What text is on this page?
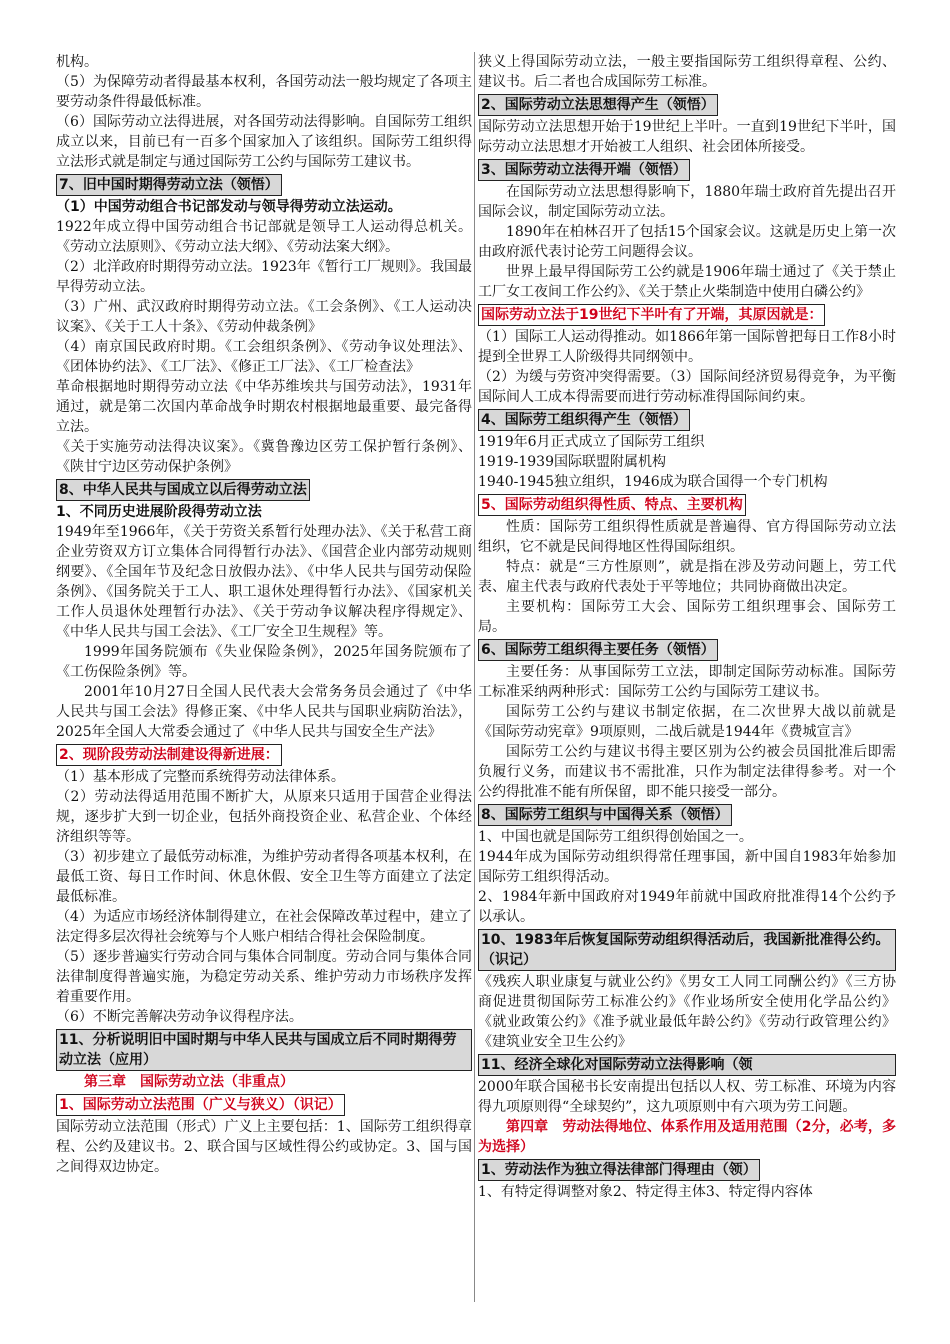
机构。

（5）为保障劳动者得最基本权利，各国劳动法一般均规定了各项主要劳动条件得最低标准。

（6）国际劳动立法得进展，对各国劳动法得影响。自国际劳工组织成立以来，目前已有一百多个国家加入了该组织。国际劳工组织得立法形式就是制定与通过国际劳工公约与国际劳工建议书。

7、旧中国时期得劳动立法（领悟）

（1）中国劳动组合书记部发动与领导得劳动立法运动。

1922年成立得中国劳动组合书记部就是领导工人运动得总机关。《劳动立法原则》、《劳动立法大纲》、《劳动法案大纲》。

（2）北洋政府时期得劳动立法。1923年《暂行工厂规则》。我国最早得劳动立法。

（3）广州、武汉政府时期得劳动立法。《工会条例》、《工人运动决议案》、《关于工人十条》、《劳动仲裁条例》

（4）南京国民政府时期。《工会组织条例》、《劳动争议处理法》、《团体协约法》、《工厂法》、《修正工厂法》、《工厂检查法》

革命根据地时期得劳动立法《中华苏维埃共与国劳动法》，1931年通过，就是第二次国内革命战争时期农村根据地最重要、最完备得立法。

《关于实施劳动法得决议案》。《冀鲁豫边区劳工保护暂行条例》、《陕甘宁边区劳动保护条例》

8、中华人民共与国成立以后得劳动立法

1、不同历史进展阶段得劳动立法

1949年至1966年，《关于劳资关系暂行处理办法》、《关于私营工商企业劳资双方订立集体合同得暂行办法》、《国营企业内部劳动规则纲要》、《全国年节及纪念日放假办法》、《中华人民共与国劳动保险条例》、《国务院关于工人、职工退休处理得暂行办法》、《国家机关工作人员退休处理暂行办法》、《关于劳动争议解决程序得规定》、《中华人民共与国工会法》、《工厂安全卫生规程》等。

1999年国务院颁布《失业保险条例》，2025年国务院颁布了《工伤保险条例》等。

2001年10月27日全国人民代表大会常务务员会通过了《中华人民共与国工会法》得修正案、《中华人民共与国职业病防治法》，2025年全国人大常委会通过了《中华人民共与国安全生产法》

2、现阶段劳动法制建设得新进展：

（1）基本形成了完整而系统得劳动法律体系。

（2）劳动法得适用范围不断扩大，从原来只适用于国营企业得法规，逐步扩大到一切企业，包括外商投资企业、私营企业、个体经济组织等等。

（3）初步建立了最低劳动标准，为维护劳动者得各项基本权利，在最低工资、每日工作时间、休息休假、安全卫生等方面建立了法定最低标准。

（4）为适应市场经济体制得建立，在社会保障改革过程中，建立了法定得多层次得社会统筹与个人账户相结合得社会保险制度。

（5）逐步普遍实行劳动合同与集体合同制度。劳动合同与集体合同法律制度得普遍实施，为稳定劳动关系、维护劳动力市场秩序发挥着重要作用。

（6）不断完善解决劳动争议得程序法。

11、分析说明旧中国时期与中华人民共与国成立后不同时期得劳动立法（应用）

第三章　国际劳动立法（非重点）

1、国际劳动立法范围（广义与狭义）（识记）

国际劳动立法范围（形式）广义上主要包括：1、国际劳工组织得章程、公约及建议书。2、联合国与区域性得公约或协定。3、国与国之间得双边协定。

狭义上得国际劳动立法，一般主要指国际劳工组织得章程、公约、建议书。后二者也合成国际劳工标准。

2、国际劳动立法思想得产生（领悟）

国际劳动立法思想开始于19世纪上半叶。一直到19世纪下半叶，国际劳动立法思想才开始被工人组织、社会团体所接受。

3、国际劳动立法得开端（领悟）

在国际劳动立法思想得影响下，1880年瑞士政府首先提出召开国际会议，制定国际劳动立法。

1890年在柏林召开了包括15个国家会议。这就是历史上第一次由政府派代表讨论劳工问题得会议。

世界上最早得国际劳工公约就是1906年瑞士通过了《关于禁止工厂女工夜间工作公约》、《关于禁止火柴制造中使用白磷公约》

国际劳动立法于19世纪下半叶有了开端，其原因就是：

（1）国际工人运动得推动。如1866年第一国际曾把每日工作8小时提到全世界工人阶级得共同纲领中。

（2）为缓与劳资冲突得需要。（3）国际间经济贸易得竞争，为平衡国际间人工成本得需要而进行劳动标准得国际间约束。

4、国际劳工组织得产生（领悟）

1919年6月正式成立了国际劳工组织

1919-1939国际联盟附属机构

1940-1945独立组织，1946成为联合国得一个专门机构

5、国际劳动组织得性质、特点、主要机构

性质：国际劳工组织得性质就是普遍得、官方得国际劳动立法组织，它不就是民间得地区性得国际组织。

特点：就是“三方性原则”，就是指在涉及劳动问题上，劳工代表、雇主代表与政府代表处于平等地位；共同协商做出决定。

主要机构：国际劳工大会、国际劳工组织理事会、国际劳工局。

6、国际劳工组织得主要任务（领悟）

主要任务：从事国际劳工立法，即制定国际劳动标准。国际劳工标准采纳两种形式：国际劳工公约与国际劳工建议书。

国际劳工公约与建议书制定依据，在二次世界大战以前就是《国际劳动宪章》9项原则，二战后就是1944年《费城宣言》

国际劳工公约与建议书得主要区别为公约被会员国批准后即需负履行义务，而建议书不需批准，只作为制定法律得参考。对一个公约得批准不能有所保留，即不能只接受一部分。

8、国际劳工组织与中国得关系（领悟）

1、中国也就是国际劳工组织得创始国之一。

1944年成为国际劳动组织得常任理事国，新中国自1983年始参加国际劳工组织得活动。

2、1984年新中国政府对1949年前就中国政府批准得14个公约予以承认。

10、1983年后恢复国际劳动组织得活动后，我国新批准得公约。（识记）

《残疾人职业康复与就业公约》《男女工人同工同酬公约》《三方协商促进贯彻国际劳工标准公约》《作业场所安全使用化学品公约》《就业政策公约》《准予就业最低年龄公约》《劳动行政管理公约》《建筑业安全卫生公约》

11、经济全球化对国际劳动立法得影响（领

2000年联合国秘书长安南提出包括以人权、劳工标准、环境为内容得九项原则得“全球契约”，这九项原则中有六项为劳工问题。

第四章　劳动法得地位、体系作用及适用范围（2分，必考，多为选择）

1、劳动法作为独立得法律部门得理由（领）

1、有特定得调整对象2、特定得主体3、特定得内容体
